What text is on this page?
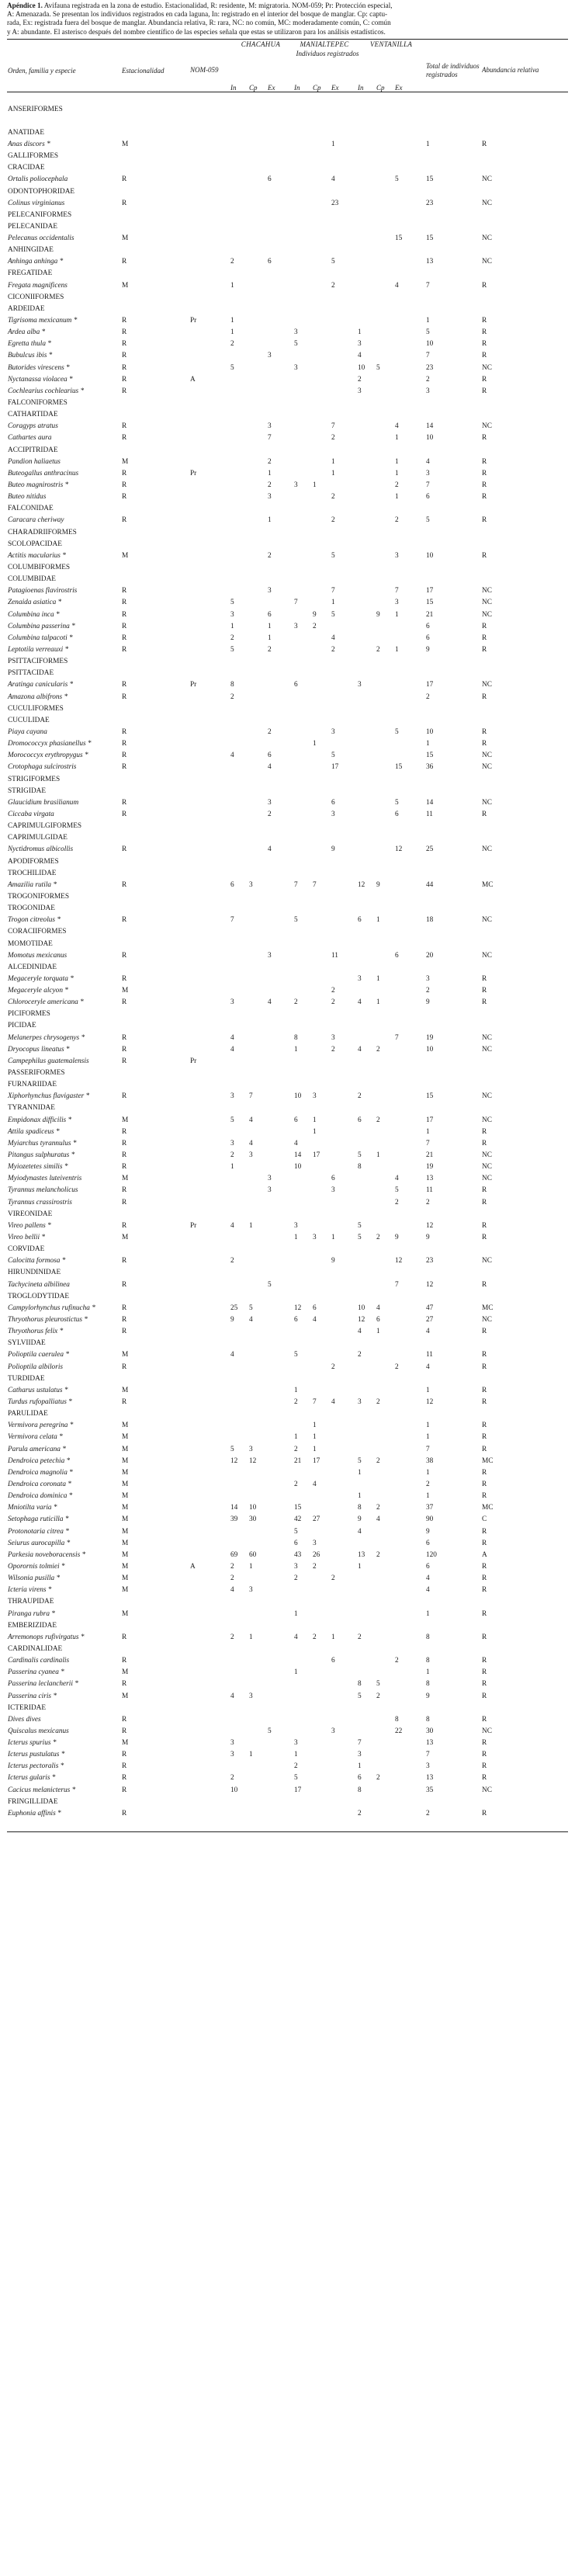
Apéndice 1. Avifauna registrada en la zona de estudio. Estacionalidad, R: residente, M: migratoria. NOM-059; Pr: Protección especial,
A: Amenazada. Se presentan los individuos registrados en cada laguna, In: registrado en el interior del bosque de manglar. Cp: captu-
rada, Ex: registrada fuera del bosque de manglar. Abundancia relativa, R: rara, NC: no común, MC: moderadamente común, C: común
y A: abundante. El asterisco después del nombre científico de las especies señala que estas se utilizaron para los análisis estadísticos.

			CHACAHUA			MANIALTEPEC			VENTANILLA				
			Individuos registrados										
Orden, familia y especie	Estacionalidad	NOM-059										Total de individuos registrados	Abundancia relativa
			In	Cp	Ex	In	Cp	Ex	In	Cp	Ex		

ANSERIFORMES													

ANATIDAE													
Anas discors *	M							1				1	R
GALLIFORMES													
CRACIDAE													
Ortalis poliocephala	R				6			4			5	15	NC
ODONTOPHORIDAE													
Colinus virginianus	R							23				23	NC
PELECANIFORMES													
PELECANIDAE													
Pelecanus occidentalis	M										15	15	NC
ANHINGIDAE													
Anhinga anhinga *	R		2		6			5				13	NC
FREGATIDAE													
Fregata magnificens	M		1					2			4	7	R
CICONIIFORMES													
ARDEIDAE													
Tigrisoma mexicanum *	R	Pr	1									1	R
Ardea alba *	R		1			3			1			5	R
Egretta thula *	R		2			5			3			10	R
Bubulcus ibis *	R				3				4			7	R
Butorides virescens *	R		5			3			10	5		23	NC
Nyctanassa violacea *	R	A							2			2	R
Cochlearius cochlearius *	R								3			3	R
FALCONIFORMES													
CATHARTIDAE													
Coragyps atratus	R				3			7			4	14	NC
Cathartes aura	R				7			2			1	10	R
ACCIPITRIDAE													
Pandion haliaetus	M				2			1			1	4	R
Buteogallus anthracinus	R	Pr			1			1			1	3	R
Buteo magnirostris *	R				2	3	1				2	7	R
Buteo nitidus	R				3			2			1	6	R
FALCONIDAE													
Caracara cheriway	R				1			2			2	5	R
CHARADRIIFORMES													
SCOLOPACIDAE													
Actitis macularius *	M				2			5			3	10	R
COLUMBIFORMES													
COLUMBIDAE													
Patagioenas flavirostris	R				3			7			7	17	NC
Zenaida asiatica *	R		5			7		1			3	15	NC
Columbina inca *	R		3		6		9	5		9	1	21	NC
Columbina passerina *	R		1		1	3	2					6	R
Columbina talpacoti *	R		2		1			4				6	R
Leptotila verreauxi *	R		5		2			2		2	1	9	R
PSITTACIFORMES													
PSITTACIDAE													
Aratinga canicularis *	R	Pr	8			6			3			17	NC
Amazona albifrons *	R		2									2	R
CUCULIFORMES													
CUCULIDAE													
Piaya cayana	R				2			3			5	10	R
Dromococcyx phasianellus *	R						1					1	R
Morococcyx erythropygus *	R		4		6			5				15	NC
Crotophaga sulcirostris	R				4			17			15	36	NC
STRIGIFORMES													
STRIGIDAE													
Glaucidium brasilianum	R				3			6			5	14	NC
Ciccaba virgata	R				2			3			6	11	R
CAPRIMULGIFORMES													
CAPRIMULGIDAE													
Nyctidromus albicollis	R				4			9			12	25	NC
APODIFORMES													
TROCHILIDAE													
Amazilia rutila *	R		6	3		7	7		12	9		44	MC
TROGONIFORMES													
TROGONIDAE													
Trogon citreolus *	R		7			5			6	1		18	NC
CORACIIFORMES													
MOMOTIDAE													
Momotus mexicanus	R				3			11			6	20	NC
ALCEDINIDAE													
Megaceryle torquata *	R								3	1		3	R
Megaceryle alcyon *	M							2				2	R
Chloroceryle americana *	R		3		4	2		2	4	1		9	R
PICIFORMES													
PICIDAE													
Melanerpes chrysogenys *	R		4			8		3			7	19	NC
Dryocopus lineatus *	R		4			1		2	4	2		10	NC
Campephilus guatemalensis	R	Pr											
PASSERIFORMES													
FURNARIIDAE													
Xiphorhynchus flavigaster *	R		3	7		10	3		2			15	NC
TYRANNIDAE													
Empidonax difficilis *	M		5	4		6	1		6	2		17	NC
Attila spadiceus *	R						1					1	R
Myiarchus tyrannulus *	R		3	4		4						7	R
Pitangus sulphuratus *	R		2	3		14	17		5	1		21	NC
Myiozetetes similis *	R		1			10			8			19	NC
Myiodynastes luteiventris	M				3			6			4	13	NC
Tyrannus melancholicus	R				3			3			5	11	R
Tyrannus crassirostris	R										2	2	R
VIREONIDAE													
Vireo pallens *	R	Pr	4	1		3			5			12	R
Vireo bellii *	M					1	3	1	5	2	9	9	R
CORVIDAE													
Calocitta formosa *	R		2					9			12	23	NC
HIRUNDINIDAE													
Tachycineta albilinea	R				5						7	12	R
TROGLODYTIDAE													
Campylorhynchus rufinucha *	R		25	5		12	6		10	4		47	MC
Thryothorus pleurostictus *	R		9	4		6	4		12	6		27	NC
Thryothorus felix *	R								4	1		4	R
SYLVIIDAE													
Polioptila caerulea *	M		4			5			2			11	R
Polioptila albiloris	R							2			2	4	R
TURDIDAE													
Catharus ustulatus *	M					1						1	R
Turdus rufopalliatus *	R					2	7	4	3	2		12	R
PARULIDAE													
Vermivora peregrina *	M						1					1	R
Vermivora celata *	M					1	1					1	R
Parula americana *	M		5	3		2	1					7	R
Dendroica petechia *	M		12	12		21	17		5	2		38	MC
Dendroica magnolia *	M								1			1	R
Dendroica coronata *	M					2	4					2	R
Dendroica dominica *	M								1			1	R
Mniotilta varia *	M		14	10		15			8	2		37	MC
Setophaga ruticilla *	M		39	30		42	27		9	4		90	C
Protonotaria citrea *	M					5			4			9	R
Seiurus aurocapilla *	M					6	3					6	R
Parkesia noveboracensis *	M		69	60		43	26		13	2		120	A
Oporornis tolmiei *	M	A	2	1		3	2		1			6	R
Wilsonia pusilla *	M		2			2		2				4	R
Icteria virens *	M		4	3								4	R
THRAUPIDAE													
Piranga rubra *	M					1						1	R
EMBERIZIDAE													
Arremonops rufivirgatus *	R		2	1		4	2	1	2			8	R
CARDINALIDAE													
Cardinalis cardinalis	R							6			2	8	R
Passerina cyanea *	M					1						1	R
Passerina leclancherii *	R								8	5		8	R
Passerina ciris *	M		4	3					5	2		9	R
ICTERIDAE													
Dives dives	R										8	8	R
Quiscalus mexicanus	R				5			3			22	30	NC
Icterus spurius *	M		3			3			7			13	R
Icterus pustulatus *	R		3	1		1			3			7	R
Icterus pectoralis *	R					2			1			3	R
Icterus gularis *	R		2			5			6	2		13	R
Cacicus melanicterus *	R		10			17			8			35	NC
FRINGILLIDAE													
Euphonia affinis *	R								2			2	R
